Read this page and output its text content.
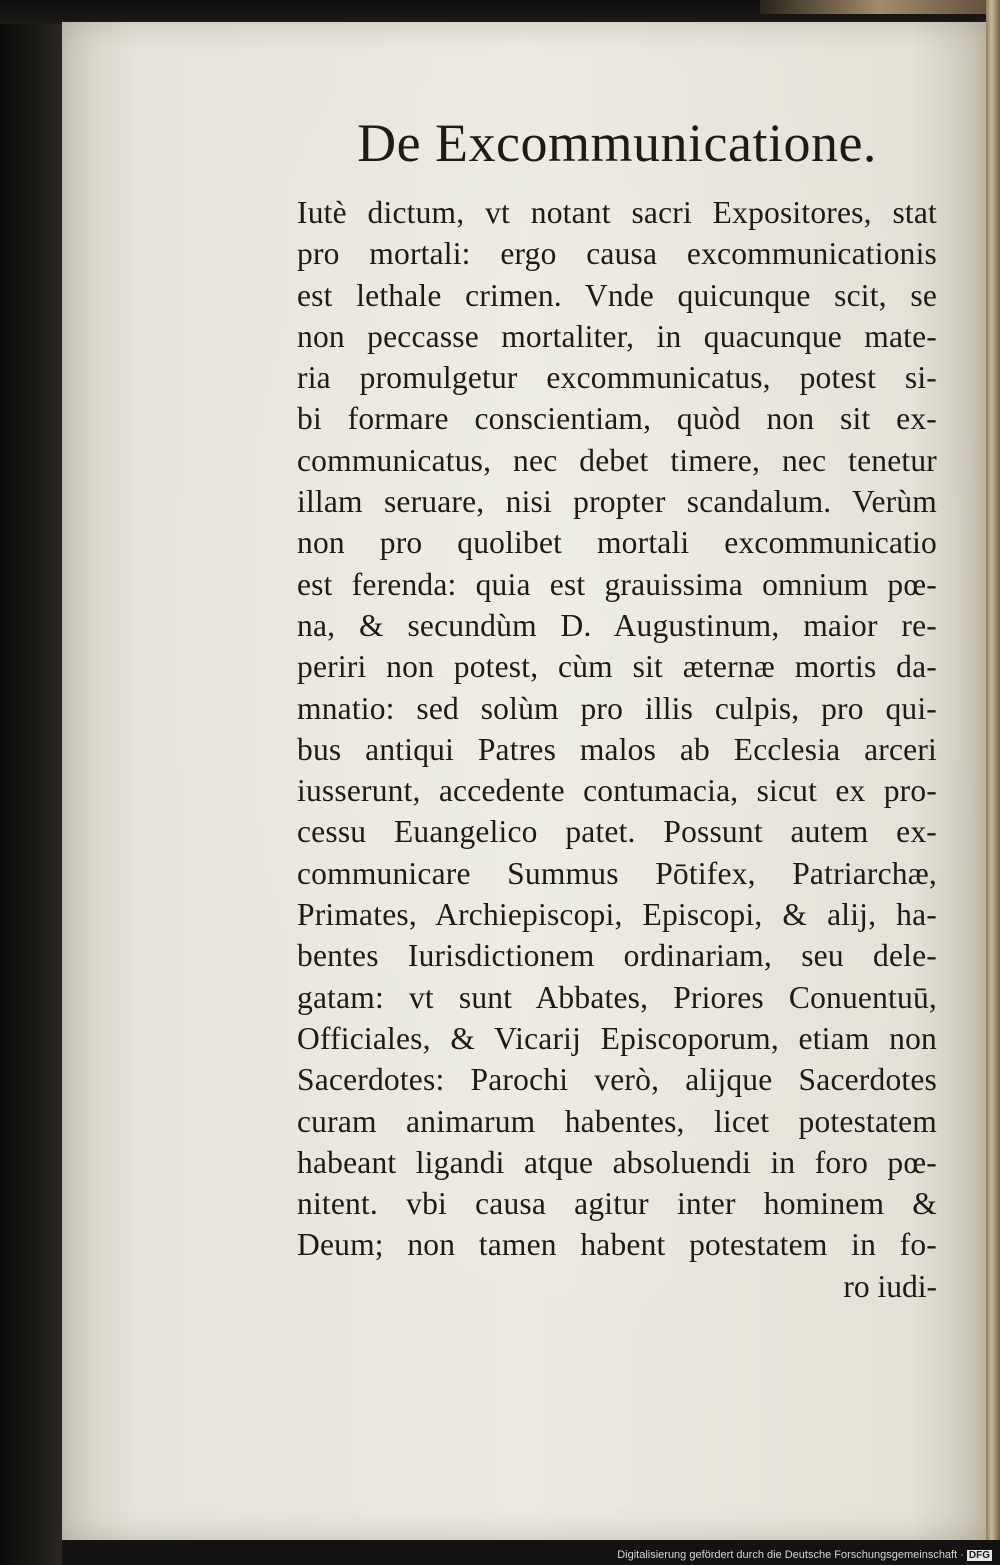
De Excommunicatione.
Iutè dictum, vt notant sacri Expositores, stat
pro mortali: ergo causa excommunicationis
est lethale crimen. Vnde quicunque scit, se
non peccasse mortaliter, in quacunque mate-
ria promulgetur excommunicatus, potest si-
bi formare conscientiam, quòd non sit ex-
communicatus, nec debet timere, nec tenetur
illam seruare, nisi propter scandalum. Verùm
non pro quolibet mortali excommunicatio
est ferenda: quia est grauissima omnium pœ-
na, & secundùm D. Augustinum, maior re-
periri non potest, cùm sit æternæ mortis da-
mnatio: sed solùm pro illis culpis, pro qui-
bus antiqui Patres malos ab Ecclesia arceri
iusserunt, accedente contumacia, sicut ex pro-
cessu Euangelico patet. Possunt autem ex-
communicare Summus Pōtifex, Patriarchæ,
Primates, Archiepiscopi, Episcopi, & alij, ha-
bentes Iurisdictionem ordinariam, seu dele-
gatam: vt sunt Abbates, Priores Conuentuū,
Officiales, & Vicarij Episcoporum, etiam non
Sacerdotes: Parochi verò, alijque Sacerdotes
curam animarum habentes, licet potestatem
habeant ligandi atque absoluendi in foro pœ-
nitent. vbi causa agitur inter hominem &
Deum; non tamen habent potestatem in fo-
ro iudi-
Digitalisierung gefördert durch die Deutsche Forschungsgemeinschaft · DFG
